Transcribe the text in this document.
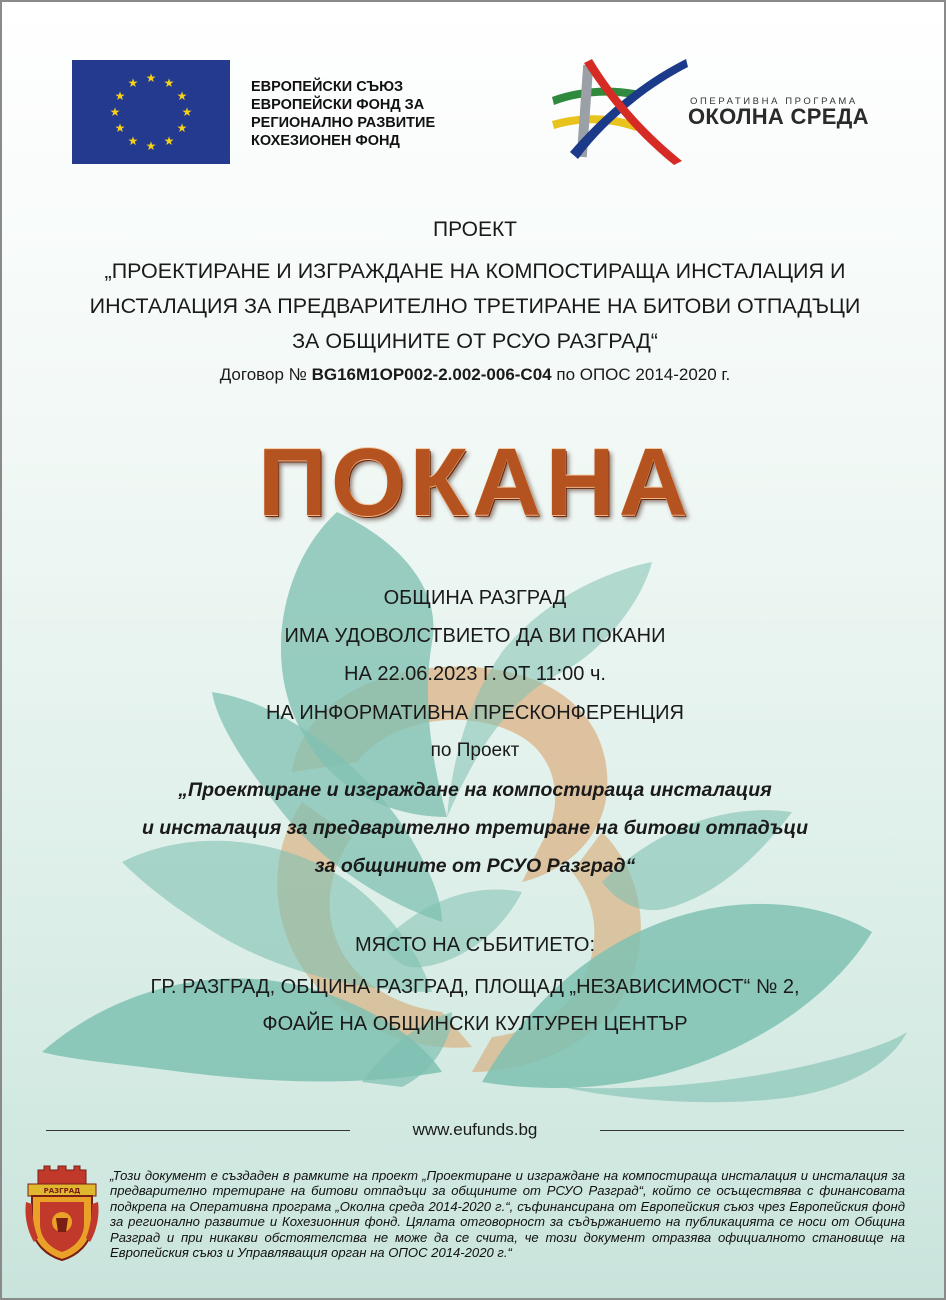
★ ★
★
★
★
★
★
★
★
★
★
★	ЕВРОПЕЙСКИ СЪЮЗ
ЕВРОПЕЙСКИ ФОНД ЗА
РЕГИОНАЛНО РАЗВИТИЕ
КОХЕЗИОНЕН ФОНД
ОПЕРАТИВНА ПРОГРАМА
ОКОЛНА СРЕДА
ПРОЕКТ
„ПРОЕКТИРАНЕ И ИЗГРАЖДАНЕ НА КОМПОСТИРАЩА ИНСТАЛАЦИЯ И
ИНСТАЛАЦИЯ ЗА ПРЕДВАРИТЕЛНО ТРЕТИРАНЕ НА БИТОВИ ОТПАДЪЦИ
ЗА ОБЩИНИТЕ ОТ РСУО РАЗГРАД“
Договор № BG16M1OP002-2.002-006-C04 по ОПОС 2014-2020 г.
ПОКАНА
ОБЩИНА РАЗГРАД
ИМА УДОВОЛСТВИЕТО ДА ВИ ПОКАНИ
НА 22.06.2023 Г. ОТ 11:00 ч.
НА ИНФОРМАТИВНА ПРЕСКОНФЕРЕНЦИЯ
по Проект
„Проектиране и изграждане на компостираща инсталация
и инсталация за предварително третиране на битови отпадъци
за общините от РСУО Разград“
МЯСТО НА СЪБИТИЕТО:
ГР. РАЗГРАД, ОБЩИНА РАЗГРАД, ПЛОЩАД „НЕЗАВИСИМОСТ“ № 2,
ФОАЙЕ НА ОБЩИНСКИ КУЛТУРЕН ЦЕНТЪР
www.eufunds.bg
РАЗГРАД
„Този документ е създаден в рамките на проект „Проектиране и изграждане на компостираща инсталация и инсталация за предварително третиране на битови отпадъци за общините от РСУО Разград“, който се осъществява с финансовата подкрепа на Оперативна програма „Околна среда 2014-2020 г.“, съфинансирана от Европейския съюз чрез Европейския фонд за регионално развитие и Кохезионния фонд. Цялата отговорност за съдържанието на публикацията се носи от Община Разград и при никакви обстоятелства не може да се счита, че този документ отразява официалното становище на Европейския съюз и Управляващия орган на ОПОС 2014-2020 г.“
